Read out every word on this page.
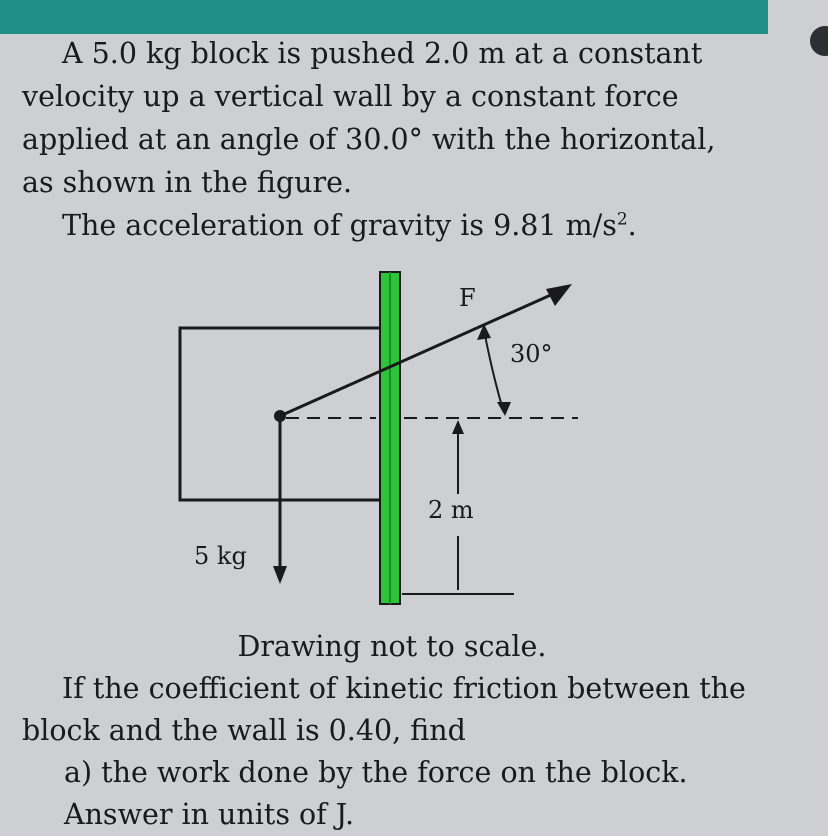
A 5.0 kg block is pushed 2.0 m at a constant velocity up a vertical wall by a constant force applied at an angle of 30.0° with the horizontal, as shown in the figure.

The acceleration of gravity is 9.81 $m/s^2$.

F
30°
2 m
5 kg

Drawing not to scale.

If the coefficient of kinetic friction between the block and the wall is 0.40, find

a) the work done by the force on the block.

Answer in units of J.
